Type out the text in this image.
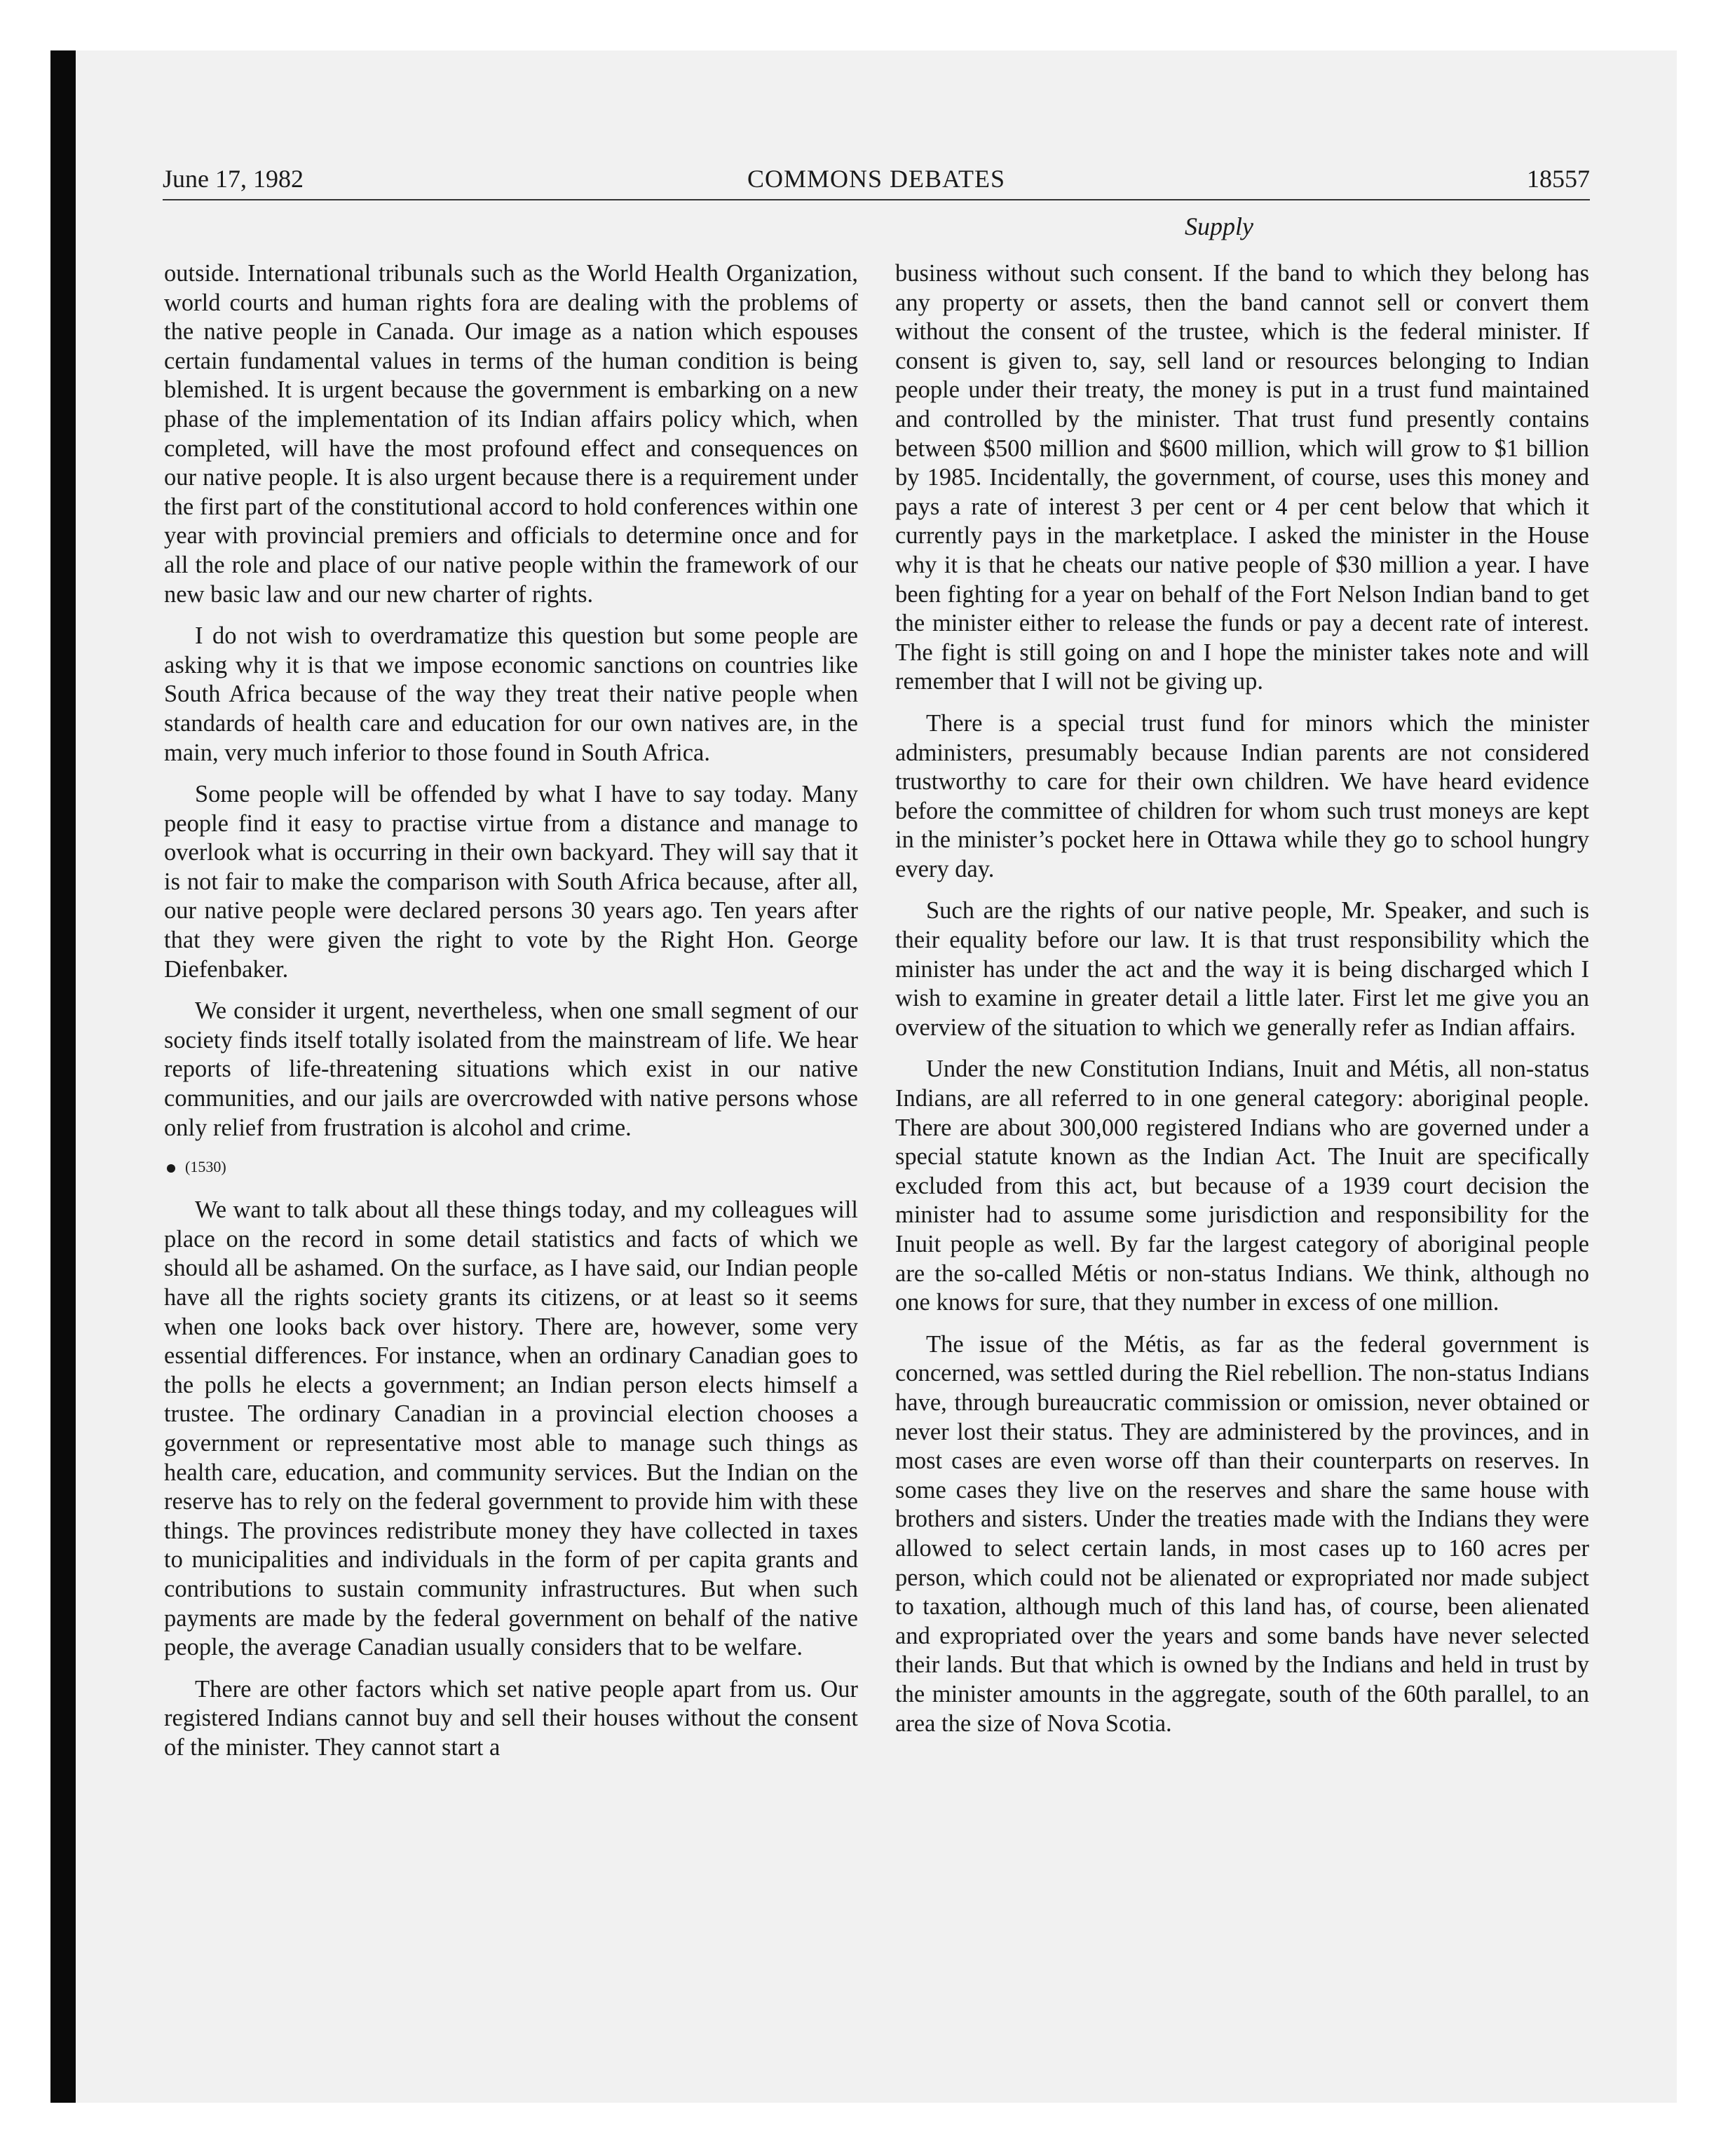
June 17, 1982	COMMONS DEBATES	18557
Supply

outside. International tribunals such as the World Health Organization, world courts and human rights fora are dealing with the problems of the native people in Canada. Our image as a nation which espouses certain fundamental values in terms of the human condition is being blemished. It is urgent because the government is embarking on a new phase of the implementation of its Indian affairs policy which, when completed, will have the most profound effect and consequences on our native people. It is also urgent because there is a requirement under the first part of the constitutional accord to hold conferences within one year with provincial premiers and officials to determine once and for all the role and place of our native people within the framework of our new basic law and our new charter of rights.

I do not wish to overdramatize this question but some people are asking why it is that we impose economic sanctions on countries like South Africa because of the way they treat their native people when standards of health care and education for our own natives are, in the main, very much inferior to those found in South Africa.

Some people will be offended by what I have to say today. Many people find it easy to practise virtue from a distance and manage to overlook what is occurring in their own backyard. They will say that it is not fair to make the comparison with South Africa because, after all, our native people were declared persons 30 years ago. Ten years after that they were given the right to vote by the Right Hon. George Diefenbaker.

We consider it urgent, nevertheless, when one small segment of our society finds itself totally isolated from the mainstream of life. We hear reports of life-threatening situations which exist in our native communities, and our jails are overcrowded with native persons whose only relief from frustration is alcohol and crime.

(1530)

We want to talk about all these things today, and my colleagues will place on the record in some detail statistics and facts of which we should all be ashamed. On the surface, as I have said, our Indian people have all the rights society grants its citizens, or at least so it seems when one looks back over history. There are, however, some very essential differences. For instance, when an ordinary Canadian goes to the polls he elects a government; an Indian person elects himself a trustee. The ordinary Canadian in a provincial election chooses a government or representative most able to manage such things as health care, education, and community services. But the Indian on the reserve has to rely on the federal government to provide him with these things. The provinces redistribute money they have collected in taxes to municipalities and individuals in the form of per capita grants and contributions to sustain community infrastructures. But when such payments are made by the federal government on behalf of the native people, the average Canadian usually considers that to be welfare.

There are other factors which set native people apart from us. Our registered Indians cannot buy and sell their houses without the consent of the minister. They cannot start a

business without such consent. If the band to which they belong has any property or assets, then the band cannot sell or convert them without the consent of the trustee, which is the federal minister. If consent is given to, say, sell land or resources belonging to Indian people under their treaty, the money is put in a trust fund maintained and controlled by the minister. That trust fund presently contains between $500 million and $600 million, which will grow to $1 billion by 1985. Incidentally, the government, of course, uses this money and pays a rate of interest 3 per cent or 4 per cent below that which it currently pays in the marketplace. I asked the minister in the House why it is that he cheats our native people of $30 million a year. I have been fighting for a year on behalf of the Fort Nelson Indian band to get the minister either to release the funds or pay a decent rate of interest. The fight is still going on and I hope the minister takes note and will remember that I will not be giving up.

There is a special trust fund for minors which the minister administers, presumably because Indian parents are not considered trustworthy to care for their own children. We have heard evidence before the committee of children for whom such trust moneys are kept in the minister’s pocket here in Ottawa while they go to school hungry every day.

Such are the rights of our native people, Mr. Speaker, and such is their equality before our law. It is that trust responsibility which the minister has under the act and the way it is being discharged which I wish to examine in greater detail a little later. First let me give you an overview of the situation to which we generally refer as Indian affairs.

Under the new Constitution Indians, Inuit and Métis, all non-status Indians, are all referred to in one general category: aboriginal people. There are about 300,000 registered Indians who are governed under a special statute known as the Indian Act. The Inuit are specifically excluded from this act, but because of a 1939 court decision the minister had to assume some jurisdiction and responsibility for the Inuit people as well. By far the largest category of aboriginal people are the so-called Métis or non-status Indians. We think, although no one knows for sure, that they number in excess of one million.

The issue of the Métis, as far as the federal government is concerned, was settled during the Riel rebellion. The non-status Indians have, through bureaucratic commission or omission, never obtained or never lost their status. They are administered by the provinces, and in most cases are even worse off than their counterparts on reserves. In some cases they live on the reserves and share the same house with brothers and sisters. Under the treaties made with the Indians they were allowed to select certain lands, in most cases up to 160 acres per person, which could not be alienated or expropriated nor made subject to taxation, although much of this land has, of course, been alienated and expropriated over the years and some bands have never selected their lands. But that which is owned by the Indians and held in trust by the minister amounts in the aggregate, south of the 60th parallel, to an area the size of Nova Scotia.
